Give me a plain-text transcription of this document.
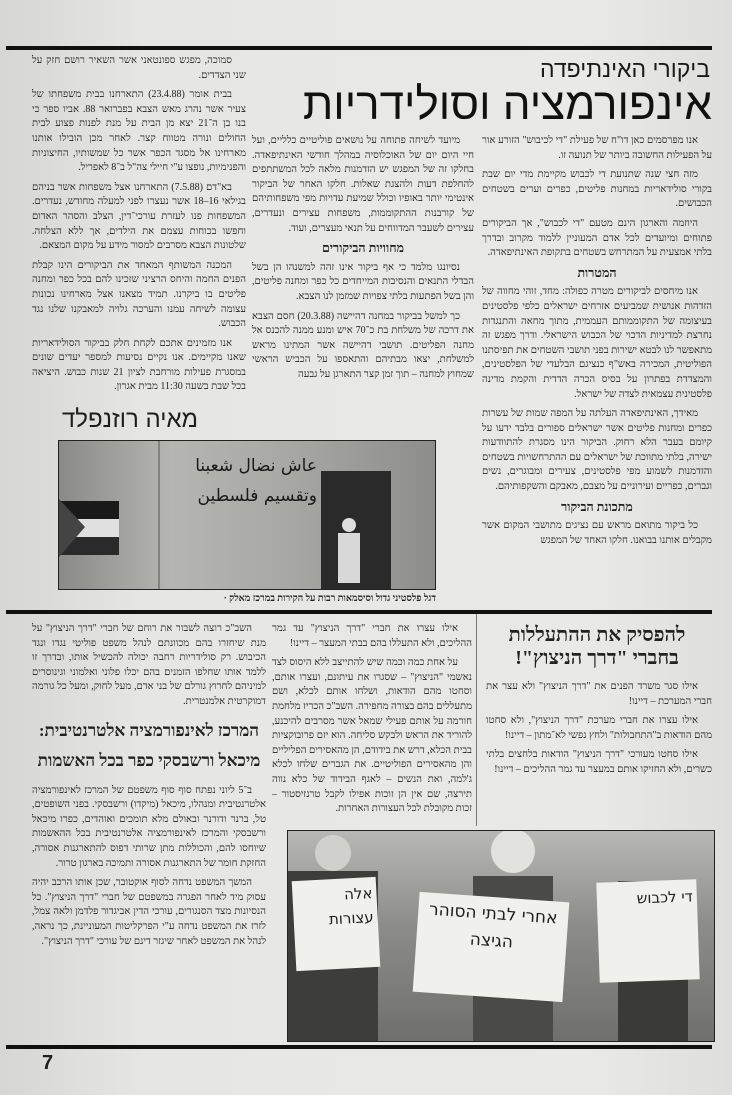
ביקורי האינתיפדה
אינפורמציה וסולידריות

אנו מפרסמים כאן דו"ח של פעילת "די לכיבוש" הזורע אור על הפעילות החשובה ביותר של תנועה זו.

מזה חצי שנה שתנועת די לכבוש מקיימת מדי יום שבת בקורי סולידאריות במחנות פליטים, כפרים וערים בשטחים הכבושים.

היוזמה והארגון הינם מטעם "די לכבוש", אך הביקורים פתוחים ומיועדים לכל אדם המעוניין ללמוד מקרוב ובדרך בלתי אמצעית על המתרחש בשטחים בתקופת האינתיפאדה.

המטרות

אנו מיחסים לביקורים מטרה כפולה: מחד, זוהי מחווה של הזדהות אנושית שמביעים אזרחים ישראלים כלפי פלסטינים בעיצומה של התקוממותם העממית, מתוך מחאה והתנגדות נחרצת למדיניות הדכוי של הכבוש הישראלי. ודרך מפגש זה מתאפשר לנו לבטא ישירות בפני תושבי השטחים את תפיסתנו הפוליטית, המכירה באש"ף כנציגם הבלעדי של הפלסטינים, והמצדדת בפתרון על בסיס הכרה הדדית והקמת מדינה פלסטינית עצמאית לצדה של ישראל.

מאידך, האינתיפאדה העלתה על המפה שמות של עשרות כפרים ומחנות פליטים אשר ישראלים ספורים בלבד ידעו על קיומם בעבר הלא רחוק. הביקור הינו מסגרת להתוודעות ישירה, בלתי מתווכת של ישראלים עם ההתרחשויות בשטחים והזדמנות לשמוע מפי פלסטינים, צעירים ומבוגרים, נשים וגברים, כפריים ועירוניים על מצבם, מאבקם והשקפותיהם.

מתכונת הביקור

כל ביקור מתואם מראש עם נציגים מתושבי המקום אשר מקבלים אותנו בבואנו. חלקו האחד של המפגש

מיועד לשיחה פתוחה על נושאים פוליטיים כלליים, ועל חיי היום יום של האוכלוסיה במהלך חודשי האינתיפאדה. בחלקו זה של המפגש יש הזדמנות מלאה לכל המשתתפים להחלפת דעות ולהצגת שאלות. חלקו האחר של הביקור אינטימי יותר באופיו וכולל שמיעת עדויות מפי משפחותיהם של קורבנות ההתקוממות, משפחות עצירים ונעדרים, עצירים לשעבר המדווחים על תנאי מעצרים, ועוד.

מחוויות הביקורים

נסיונגו מלמד כי אף ביקור אינו זהה למשנהו הן בשל הבדלי התנאים והנסיבות המייחדים כל כפר ומחנה פליטים, והן בשל הפתעות בלתי צפויות שמזמן לנו הצבא.

כך למשל בביקור במחנה דהיישה (20.3.88) חסם הצבא את דרכה של משלחת בת כ־70 איש ומנע ממנה להכנס אל מחנה הפליטים. תושבי דהיישה אשר המתינו מראש למשלחת, יצאו מבתיהם והתאספו על הכביש הראשי שמחוץ למחנה – תוך זמן קצר התארגן על גבעה

סמוכה, מפגש ספונטאני אשר השאיר רושם חזק על שני הצדדים.

בבית אומר (23.4.88) התארחנו בבית משפחתו של צעיר אשר נהרג מאש הצבא בפברואר 88. אביו ספר כי בנו בן ה־21 יצא מן הבית על מנת לפנות פצוע לבית החולים ונורה מטווח קצר. לאחר מכן הובילו אותנו מארחינו אל מסגד הכפר אשר כל שמשותיו, החיצוניות והפנימיות, נופצו ע"י חיילי צה"ל ב־8 לאפריל.

בא"דם (7.5.88) התארחנו אצל משפחות אשר בניהם בגילאי 16–18 אשר נעצרו לפני למעלה מחודש, נעדרים. המשפחות פנו לעזרת עורכי־דין, הצלב והסהר האדום וחפשו בכוחות עצמם את הילדים, אך ללא הצלחה. שלטונות הצבא מסרבים למסור מידע על מקום המצאם.

המכנה המשותף המאחד את הביקורים הינו קבלת הפנים החמה והיחס הרציני שזכינו להם בכל כפר ומחנה פליטים בו ביקרנו. תמיד מצאנו אצל מארחינו נכונות עצומה לשיחה עמנו והערכה גלויה למאבקנו שלנו נגד הכבוש.

אנו מזמינים אתכם לקחת חלק בביקור הסולידאריות שאנו מקיימים. אנו נקיים נסיעות למספר יעדים שונים במסגרת פעילות מורחבת לציון 21 שנות כבוש. היציאה בכל שבת בשעה 11:30 מבית אגרון.

מאיה רוזנפלד
عاش نضال شعبنا وتقسيم فلسطين
דגל פלסטיני גדול וסיסמאות רבות על הקירות במרכז מאלק ·
להפסיק את ההתעללות
בחברי "דרך הניצוץ"!

אילו סגר משרד הפנים את "דרך הניצוץ" ולא עצר את חברי המערכת – דיינו!

אילו עצרו את חברי מערכת "דרך הניצוץ", ולא סחטו מהם הודאות ב"התחבולות" ולחץ נפשי לא־מתון – דיינו!

אילו סחטו מעורכי "דרך הניצוץ" הודאות בלחצים בלתי כשרים, ולא החזיקו אותם במעצר עד גמר ההליכים – דיינו!

אילו עצרו את חברי "דרך הניצוץ" עד גמר ההליכים, ולא התעללו בהם בבתי המעצר – דיינו!

על אחת כמה וכמה שיש להתייצב ללא היסוס לצד נאשמי "הניצוץ" – שסגרו את עיתונם, ועצרו אותם, וסחטו מהם הודאות, ושלחו אותם לכלא, ושם מתעללים בהם בצורה מחפירה. השב"כ הכריז מלחמת חורמה על אותם פעילי שמאל אשר מסרבים להיכנע, להוריד את הראש ולבקש סליחה. הוא יזם פרובוקציות בבית הכלא, דרש את בידודם, הן מהאסירים הפליליים והן מהאסירים הפוליטיים. את הגברים שלחו לכלא ג'למה, ואת הנשים – לאגף הבידוד של כלא נווה תירצה, שם אין הן זוכות אפילו לקבל טרנזיסטור – זכות מקובלת לכל העצורות האחרות.

השב"כ רוצה לשבור את רוחם של חברי "דרך הניצוץ" על מנת שיחזרו בהם מכוונתם לנהל משפט פוליטי נגדו ונגד הכיבוש. רק סולידריות רחבה יכולה להכשיל אותו, ובדרך זו ללמד אותו שחלפו הזמנים בהם יכלו פלוני ואלמוני וגינוסרים למיניהם לחרוץ גורלם של בני אדם, מעל לחוק, ומעל כל גורמה דמוקרטית אלמנטרית.

המרכז לאינפורמציה אלטרנטיבית:
מיכאל ורשבסקי כפר בכל האשמות

ב־5 ליוני נפתח סוף סוף משפטם של המרכז לאינפורמציה אלטרנטיבית ומנהלו, מיכאל (מיקדו) ורשבסקי. בפני השופטים, טל, ברנר ודורנר ובאולם מלא תומכים ואוהדים, כפרו מיכאל ורשבסקי והמרכז לאינפורמציה אלטרנטיבית בכל ההאשמות שיוחסו להם, והכוללות מתן שרותי דפוס להתארגנות אסורה, החזקת חומר של התארגנות אסורה ותמיכה בארגון טרור.

המשך המשפט נדחה לסוף אוקטובר, שכן אותו הרכב יהיה עסוק מיד לאחר הפגרה במשפטם של חברי "דרך הניצוץ". כל הנסיונות מצד הסנגורים, עורכי הדין אביגדור פלדמן ולאה צמל, לזרז את המשפט נדחה ע"י הפרקליטות המעוניינת, כך נראה, לנהל את המשפט לאחר שיגזר דינם של עורכי "דרך הניצוץ".

אלה עצורות	אחרי לבתי הסוהר הגיצה
די לכבוש
7
